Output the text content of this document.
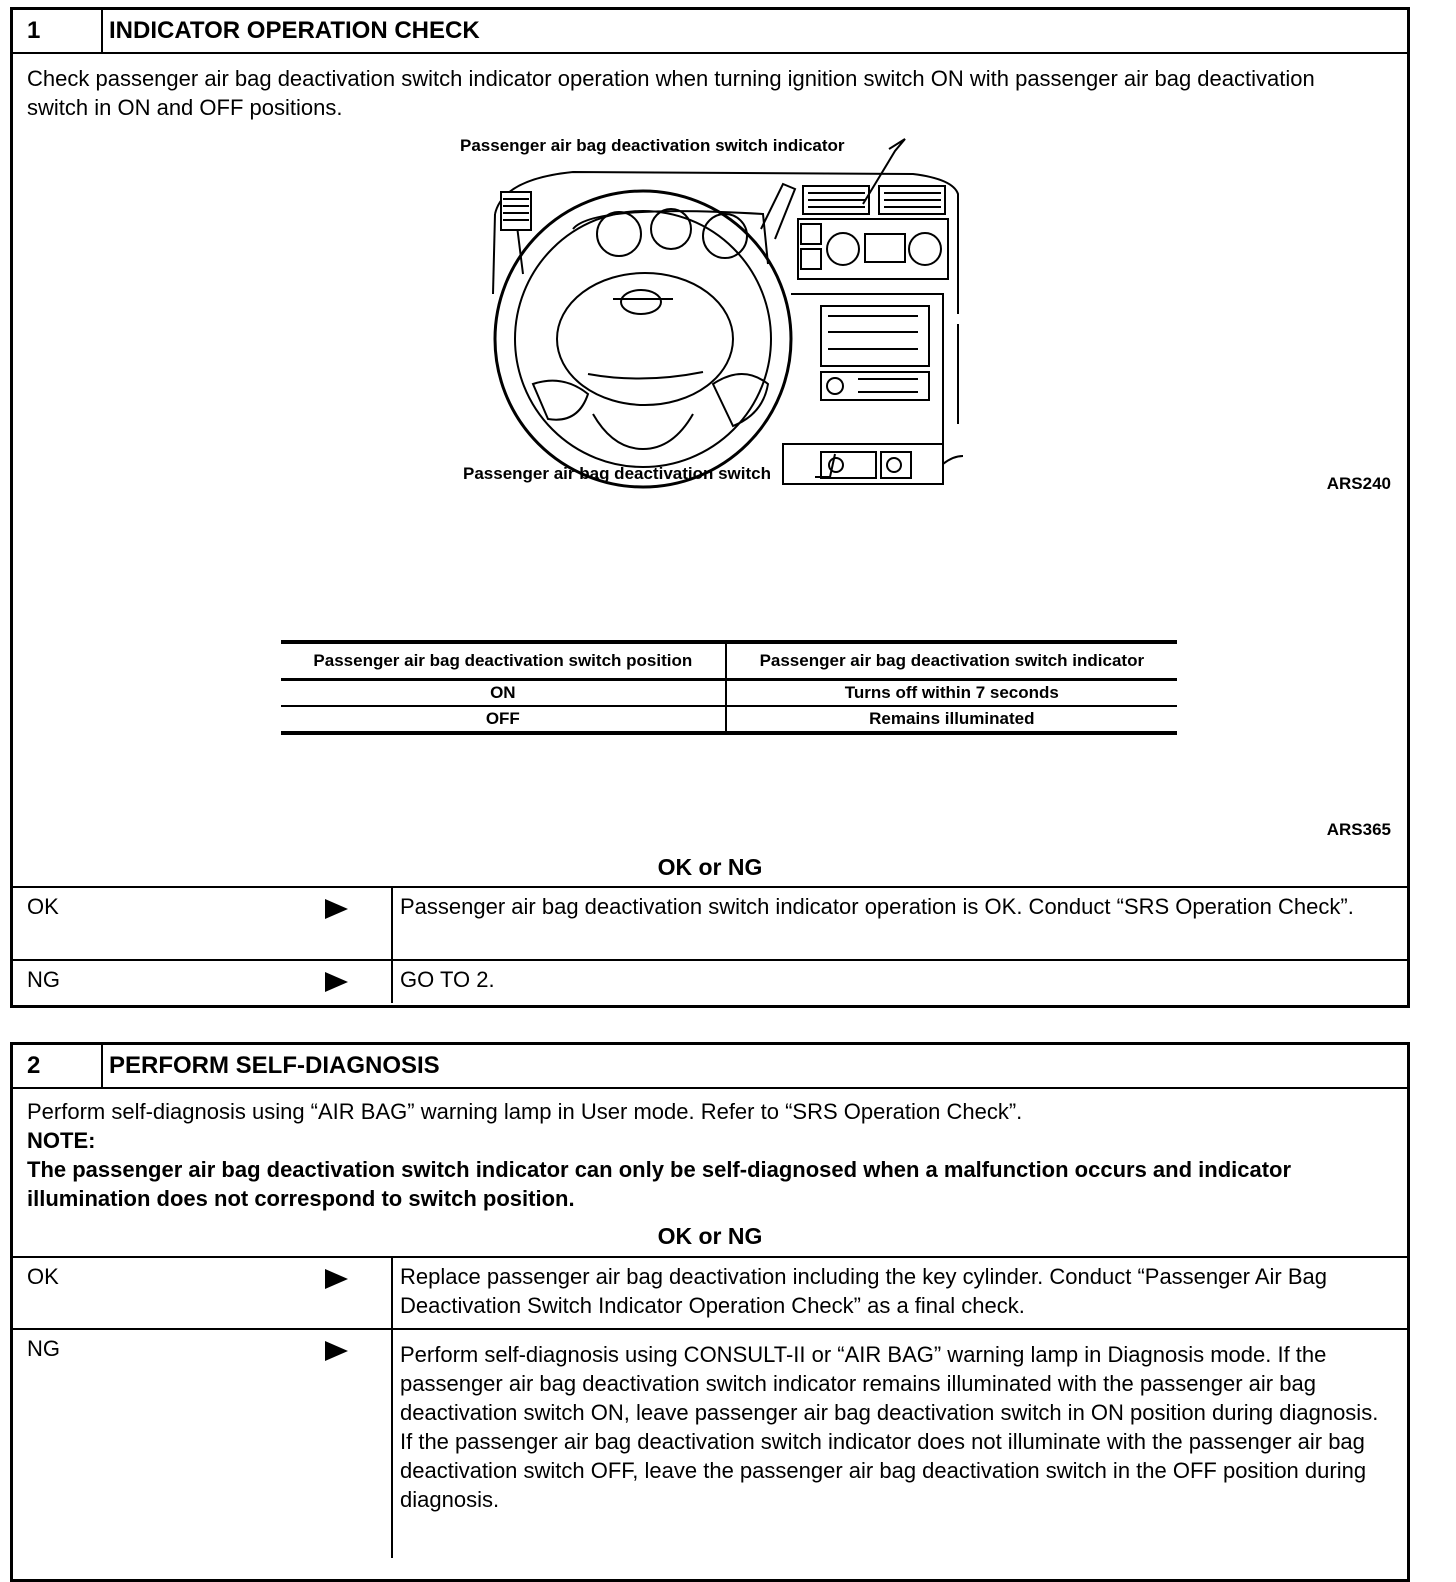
1	INDICATOR OPERATION CHECK
Check passenger air bag deactivation switch indicator operation when turning ignition switch ON with passenger air bag deactivation switch in ON and OFF positions.
Passenger air bag deactivation switch indicator
Passenger air bag deactivation switch
ARS240
Passenger air bag deactivation switch position	Passenger air bag deactivation switch indicator
ON	Turns off within 7 seconds
OFF	Remains illuminated
ARS365
OK or NG
OK	Passenger air bag deactivation switch indicator operation is OK. Conduct “SRS Operation Check”.
NG	GO TO 2.
2	PERFORM SELF-DIAGNOSIS
Perform self-diagnosis using “AIR BAG” warning lamp in User mode. Refer to “SRS Operation Check”.
NOTE:
The passenger air bag deactivation switch indicator can only be self-diagnosed when a malfunction occurs and indicator illumination does not correspond to switch position.
OK or NG
OK	Replace passenger air bag deactivation including the key cylinder. Conduct “Passenger Air Bag Deactivation Switch Indicator Operation Check” as a final check.
NG	Perform self-diagnosis using CONSULT-II or “AIR BAG” warning lamp in Diagnosis mode. If the passenger air bag deactivation switch indicator remains illuminated with the passenger air bag deactivation switch ON, leave passenger air bag deactivation switch in ON position during diagnosis. If the passenger air bag deactivation switch indicator does not illuminate with the passenger air bag deactivation switch OFF, leave the passenger air bag deactivation switch in the OFF position during diagnosis.
